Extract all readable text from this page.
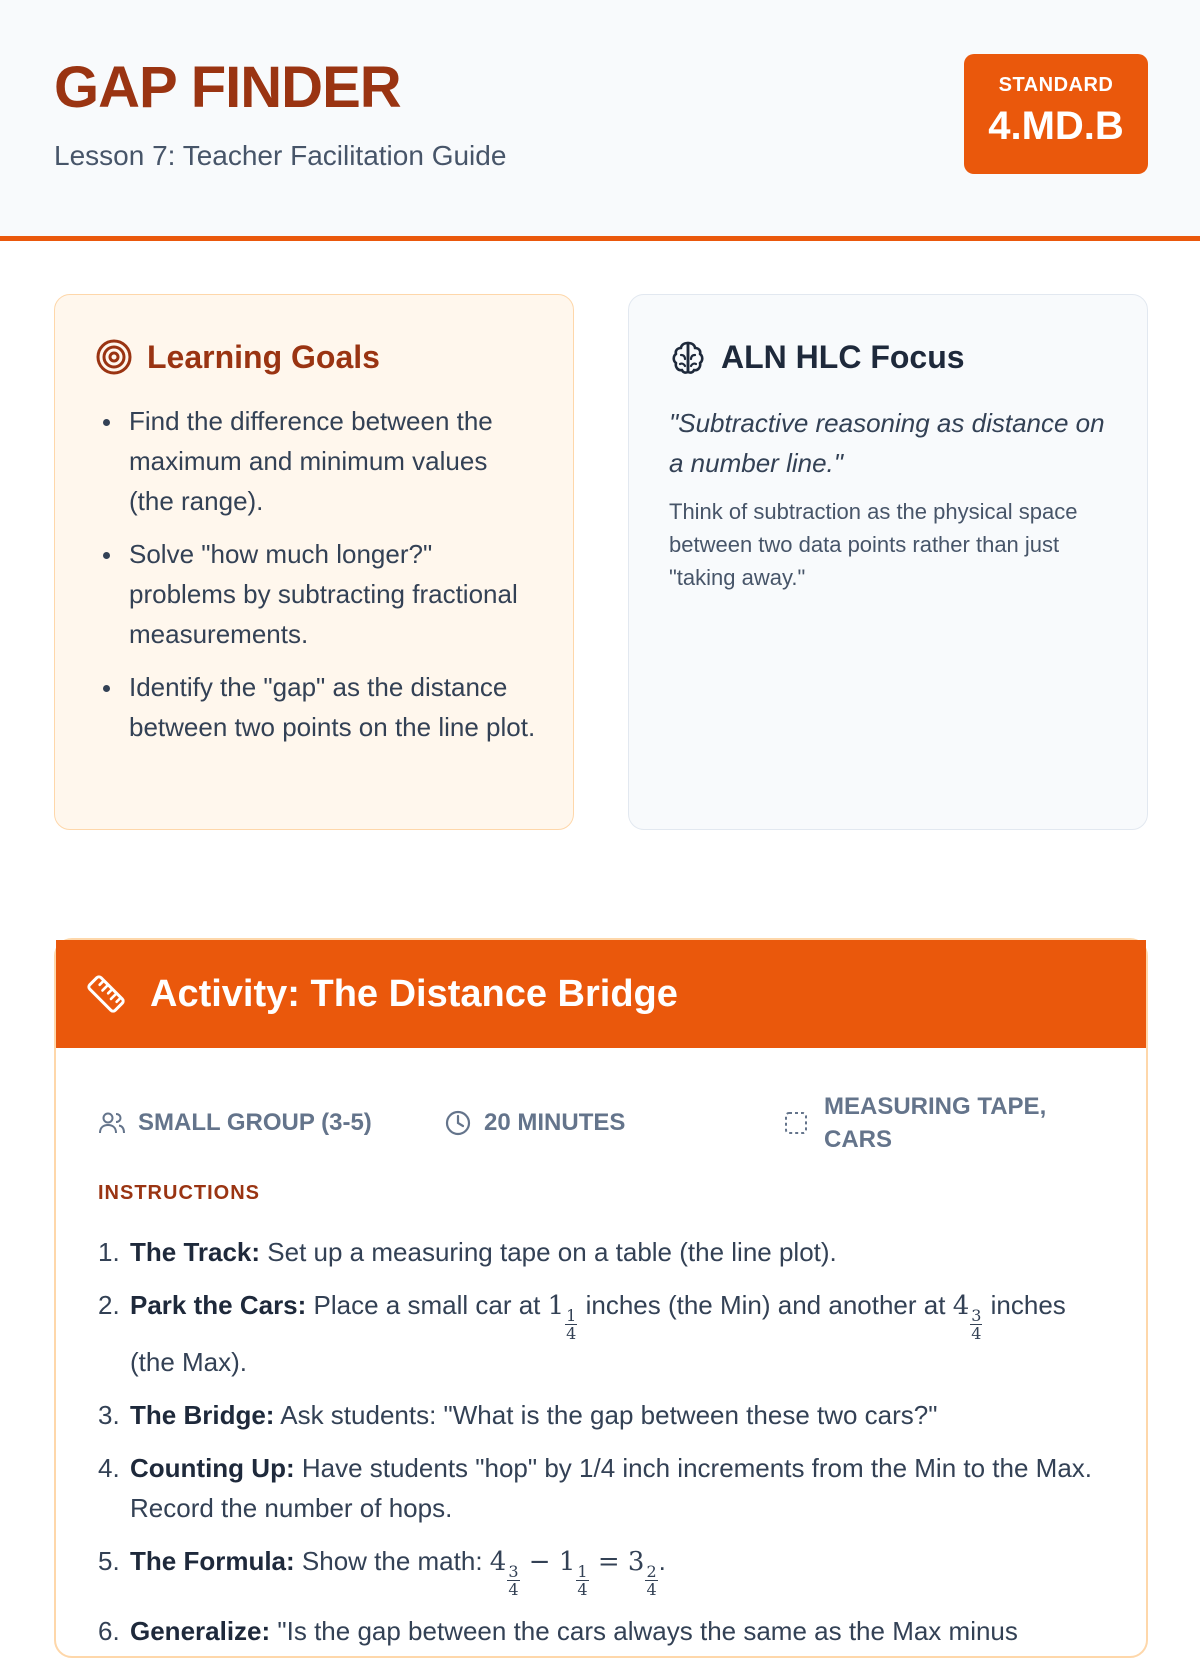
GAP FINDER
Lesson 7: Teacher Facilitation Guide
STANDARD
4.MD.B
Learning Goals
Find the difference between the maximum and minimum values (the range).
Solve "how much longer?" problems by subtracting fractional measurements.
Identify the "gap" as the distance between two points on the line plot.
ALN HLC Focus
"Subtractive reasoning as distance on a number line."
Think of subtraction as the physical space between two data points rather than just "taking away."
Activity: The Distance Bridge
SMALL GROUP (3-5)	20 MINUTES
MEASURING TAPE, CARS
INSTRUCTIONS
1. The Track: Set up a measuring tape on a table (the line plot).
2. Park the Cars: Place a small car at 1
$\frac{1}{4}$
inches (the Min) and another at 4
$\frac{3}{4}$
inches (the Max).
3. The Bridge: Ask students: "What is the gap between these two cars?"
4. Counting Up: Have students "hop" by 1/4 inch increments from the Min to the Max. Record the number of hops.
5. The Formula: Show the math: 4
$\frac{3}{4}$
− 1
$\frac{1}{4}$
= 3
$\frac{2}{4}$
.
6. Generalize: "Is the gap between the cars always the same as the Max minus
